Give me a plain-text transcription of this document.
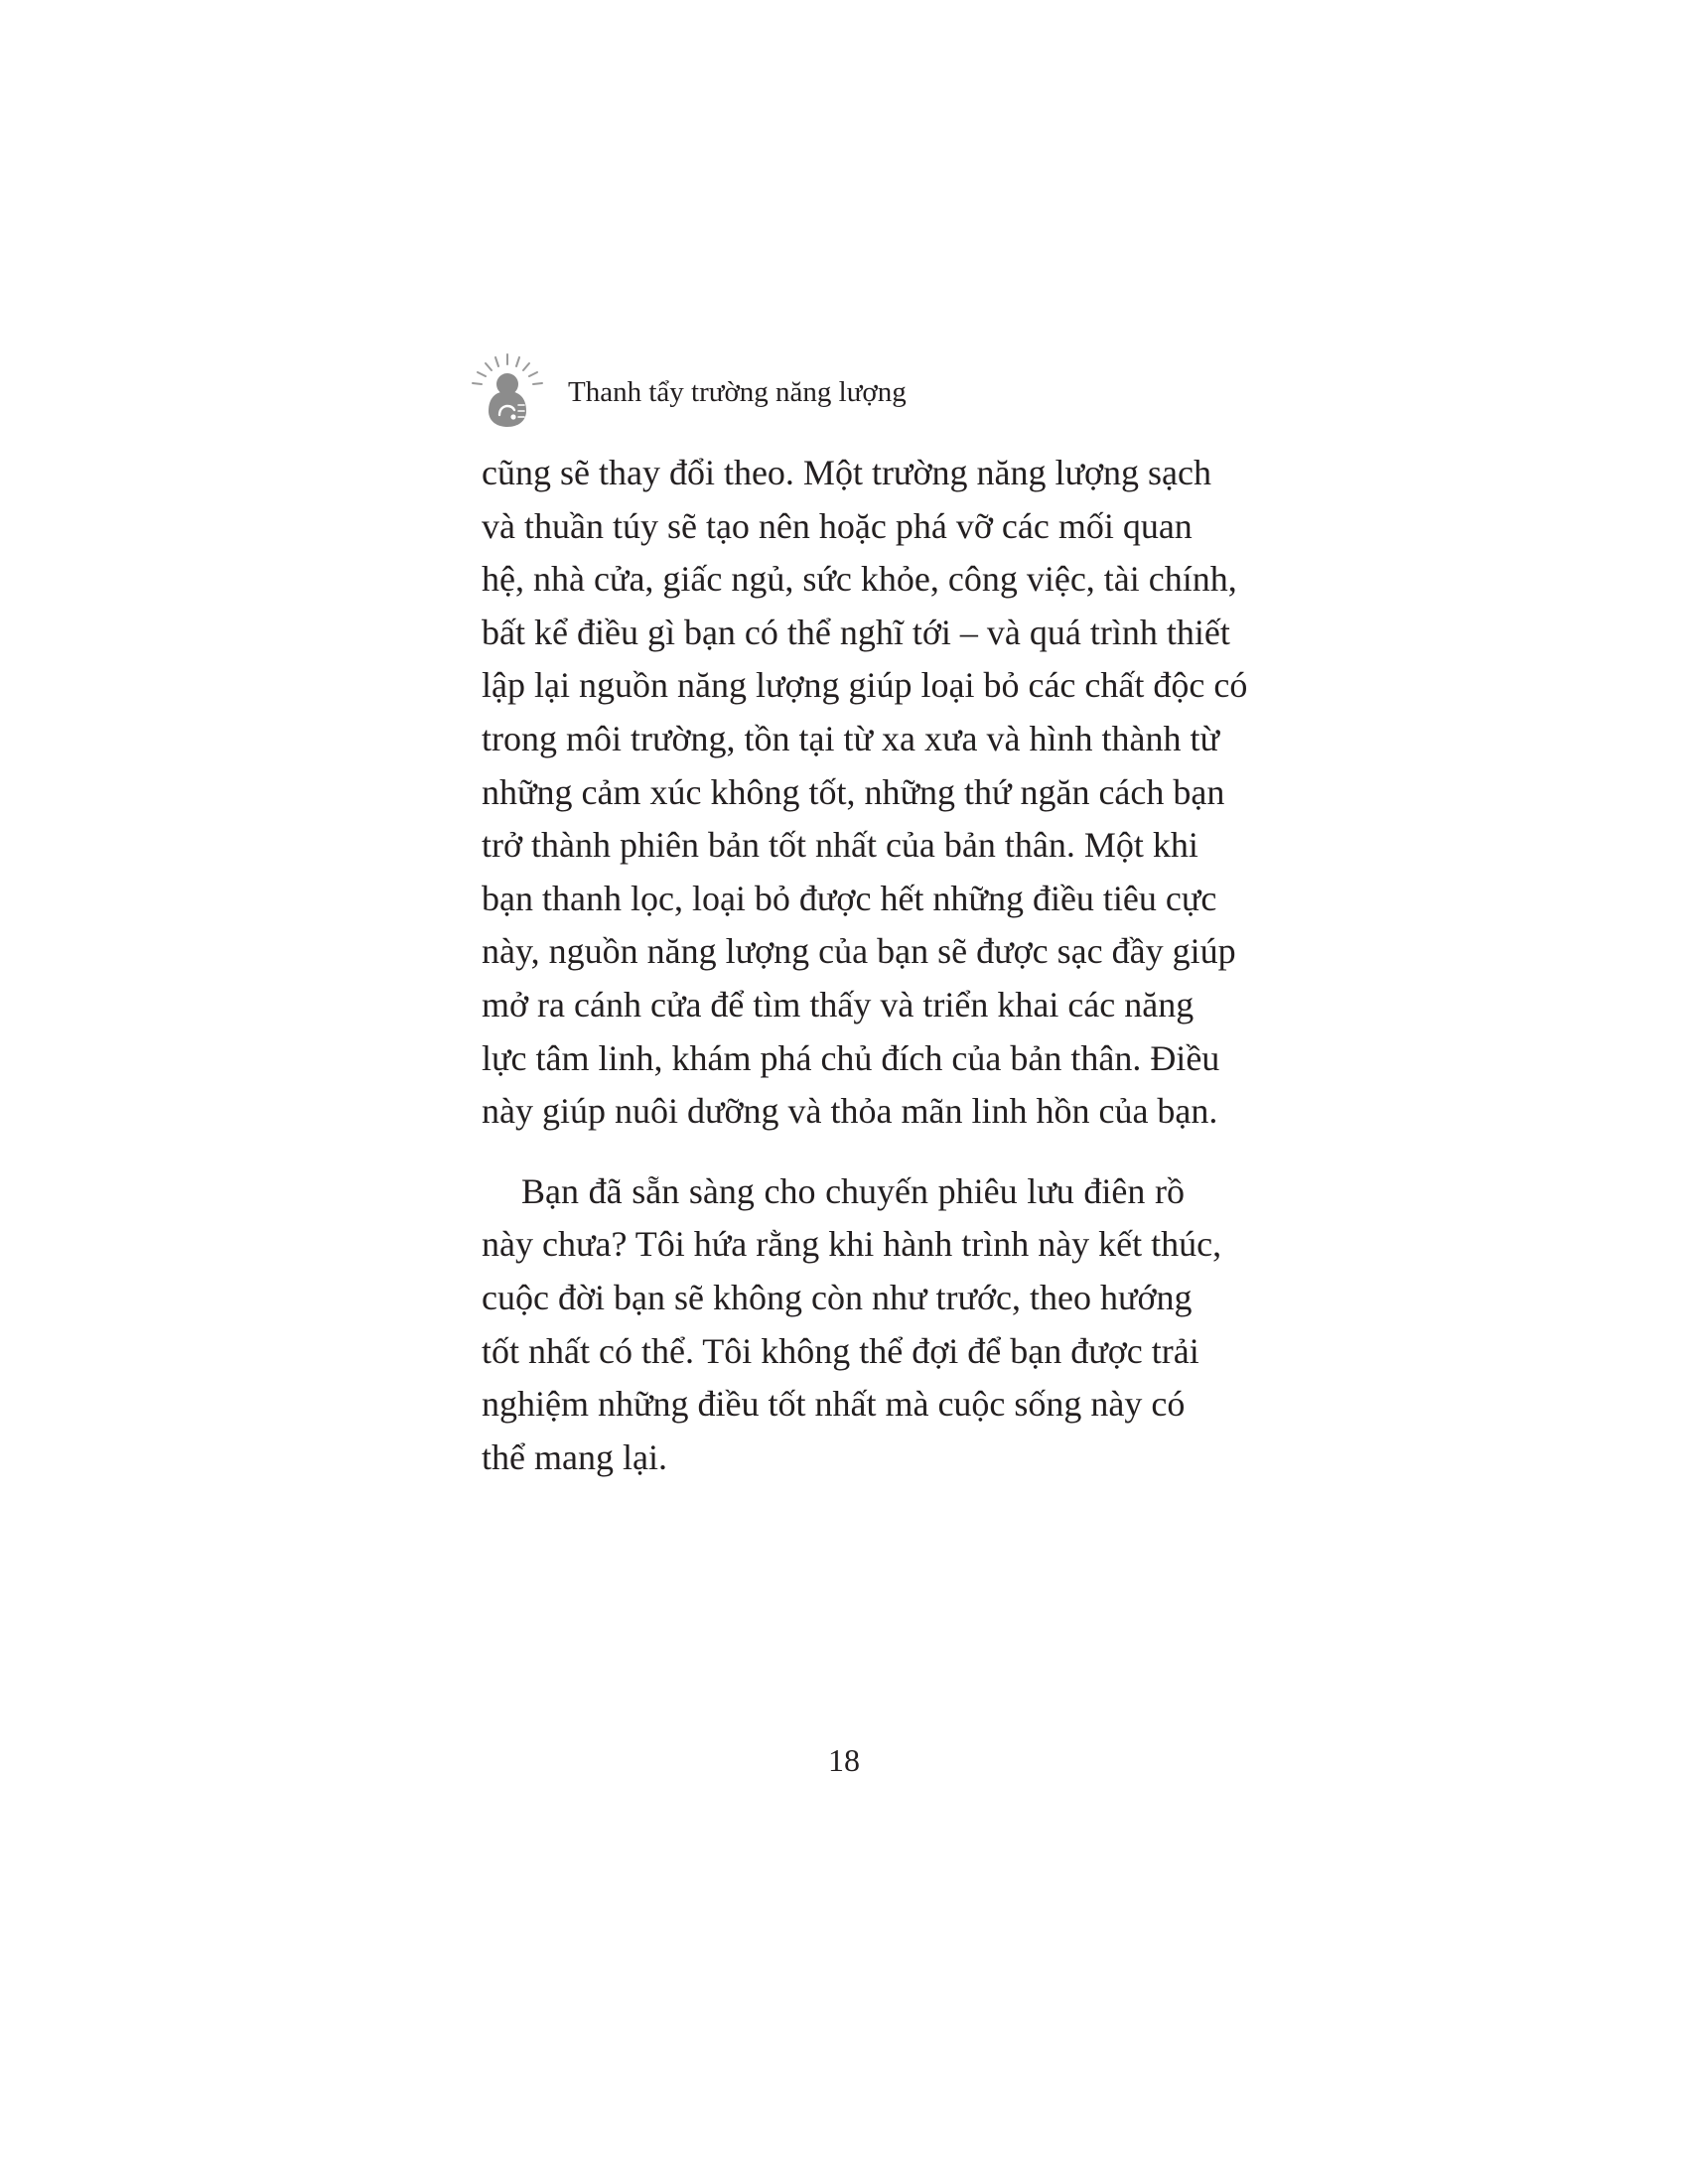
Thanh tẩy trường năng lượng

cũng sẽ thay đổi theo. Một trường năng lượng sạch
và thuần túy sẽ tạo nên hoặc phá vỡ các mối quan
hệ, nhà cửa, giấc ngủ, sức khỏe, công việc, tài chính,
bất kể điều gì bạn có thể nghĩ tới – và quá trình thiết
lập lại nguồn năng lượng giúp loại bỏ các chất độc có
trong môi trường, tồn tại từ xa xưa và hình thành từ
những cảm xúc không tốt, những thứ ngăn cách bạn
trở thành phiên bản tốt nhất của bản thân. Một khi
bạn thanh lọc, loại bỏ được hết những điều tiêu cực
này, nguồn năng lượng của bạn sẽ được sạc đầy giúp
mở ra cánh cửa để tìm thấy và triển khai các năng
lực tâm linh, khám phá chủ đích của bản thân. Điều
này giúp nuôi dưỡng và thỏa mãn linh hồn của bạn.

Bạn đã sẵn sàng cho chuyến phiêu lưu điên rồ
này chưa? Tôi hứa rằng khi hành trình này kết thúc,
cuộc đời bạn sẽ không còn như trước, theo hướng
tốt nhất có thể. Tôi không thể đợi để bạn được trải
nghiệm những điều tốt nhất mà cuộc sống này có
thể mang lại.

18
